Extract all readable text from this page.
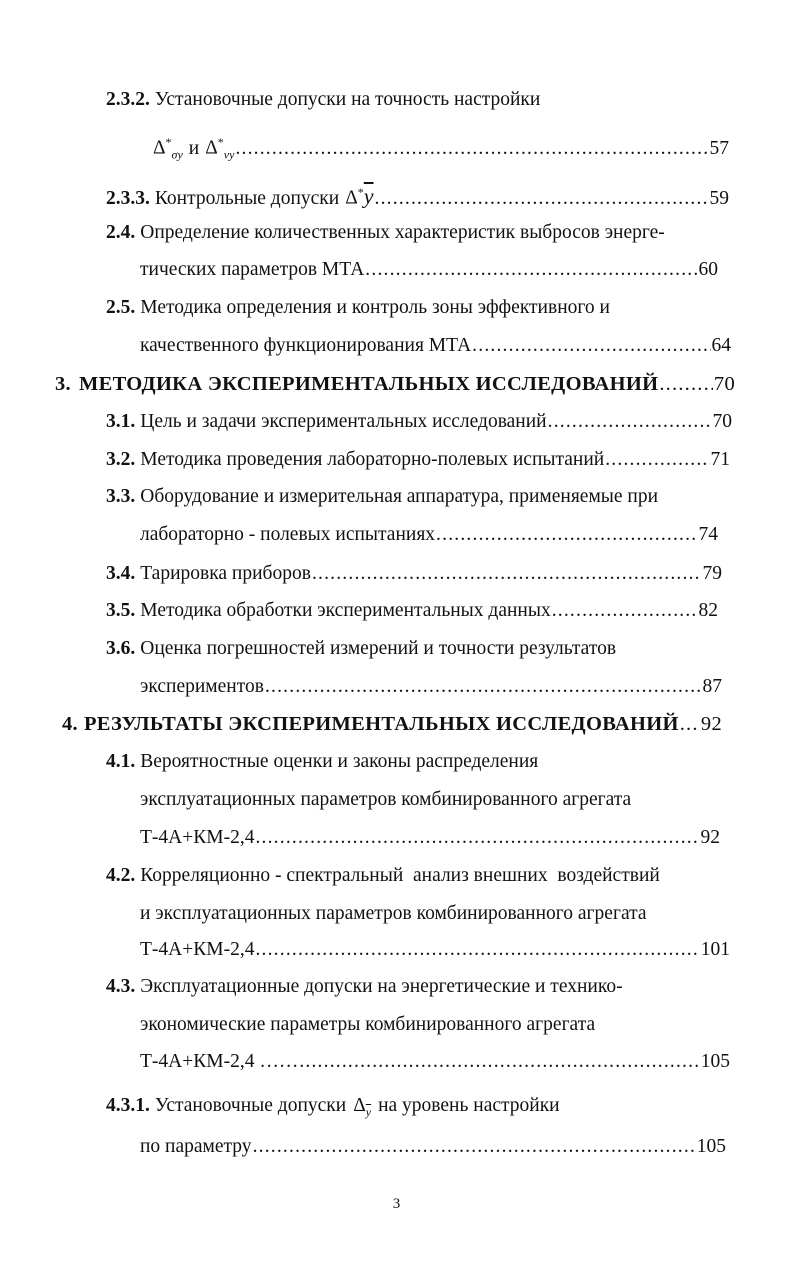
2.3.2. Установочные допуски на точность настройки
$\Delta^*_{\sigma y}$ и $\Delta^*_{\nu y}$ .....	57
2.3.3. Контрольные допуски $\Delta^*\overline{y}$ .....	59
2.4. Определение количественных характеристик выбросов энерге-
тических параметров МТА .....	60
2.5. Методика определения и контроль зоны эффективного и
качественного функционирования МТА .....	64
3. МЕТОДИКА ЭКСПЕРИМЕНТАЛЬНЫХ ИССЛЕДОВАНИЙ .....	70
3.1. Цель и задачи экспериментальных исследований .....	70
3.2. Методика проведения лабораторно-полевых испытаний .....	71
3.3. Оборудование и измерительная аппаратура, применяемые при
лабораторно - полевых испытаниях .....	74
3.4. Тарировка приборов .....	79
3.5. Методика обработки экспериментальных данных .....	82
3.6. Оценка погрешностей измерений и точности результатов
экспериментов .....	87
4. РЕЗУЛЬТАТЫ ЭКСПЕРИМЕНТАЛЬНЫХ ИССЛЕДОВАНИЙ ..... 92
4.1. Вероятностные оценки и законы распределения
эксплуатационных параметров комбинированного агрегата
Т-4А+КМ-2,4 .....	92
4.2. Корреляционно - спектральный  анализ внешних  воздействий
и эксплуатационных параметров комбинированного агрегата
Т-4А+КМ-2,4 .....	101
4.3. Эксплуатационные допуски на энергетические и технико-
экономические параметры комбинированного агрегата
Т-4А+КМ-2,4 …… .....	105
4.3.1. Установочные допуски $\Delta_{\overline{y}}$ на уровень настройки
по параметру .....	105
3
